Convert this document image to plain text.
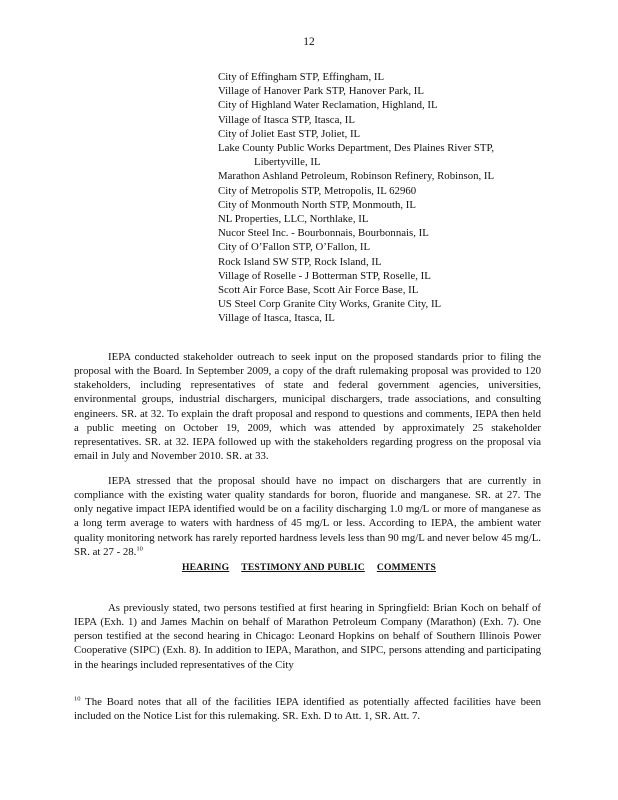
12
City of Effingham STP, Effingham, IL
Village of Hanover Park STP, Hanover Park, IL
City of Highland Water Reclamation, Highland, IL
Village of Itasca STP, Itasca, IL
City of Joliet East STP, Joliet, IL
Lake County Public Works Department, Des Plaines River STP, Libertyville, IL
Marathon Ashland Petroleum, Robinson Refinery, Robinson, IL
City of Metropolis STP, Metropolis, IL 62960
City of Monmouth North STP, Monmouth, IL
NL Properties, LLC, Northlake, IL
Nucor Steel Inc. - Bourbonnais, Bourbonnais, IL
City of O’Fallon STP, O’Fallon, IL
Rock Island SW STP, Rock Island, IL
Village of Roselle - J Botterman STP, Roselle, IL
Scott Air Force Base, Scott Air Force Base, IL
US Steel Corp Granite City Works, Granite City, IL
Village of Itasca, Itasca, IL

IEPA conducted stakeholder outreach to seek input on the proposed standards prior to filing the proposal with the Board. In September 2009, a copy of the draft rulemaking proposal was provided to 120 stakeholders, including representatives of state and federal government agencies, universities, environmental groups, industrial dischargers, municipal dischargers, trade associations, and consulting engineers. SR. at 32. To explain the draft proposal and respond to questions and comments, IEPA then held a public meeting on October 19, 2009, which was attended by approximately 25 stakeholder representatives. SR. at 32. IEPA followed up with the stakeholders regarding progress on the proposal via email in July and November 2010. SR. at 33.

IEPA stressed that the proposal should have no impact on dischargers that are currently in compliance with the existing water quality standards for boron, fluoride and manganese. SR. at 27. The only negative impact IEPA identified would be on a facility discharging 1.0 mg/L or more of manganese as a long term average to waters with hardness of 45 mg/L or less. According to IEPA, the ambient water quality monitoring network has rarely reported hardness levels less than 90 mg/L and never below 45 mg/L. SR. at 27 - 28.10

HEARING TESTIMONY AND PUBLIC COMMENTS

As previously stated, two persons testified at first hearing in Springfield: Brian Koch on behalf of IEPA (Exh. 1) and James Machin on behalf of Marathon Petroleum Company (Marathon) (Exh. 7). One person testified at the second hearing in Chicago: Leonard Hopkins on behalf of Southern Illinois Power Cooperative (SIPC) (Exh. 8). In addition to IEPA, Marathon, and SIPC, persons attending and participating in the hearings included representatives of the City

$^{10}$ The Board notes that all of the facilities IEPA identified as potentially affected facilities have been included on the Notice List for this rulemaking. SR. Exh. D to Att. 1, SR. Att. 7.
